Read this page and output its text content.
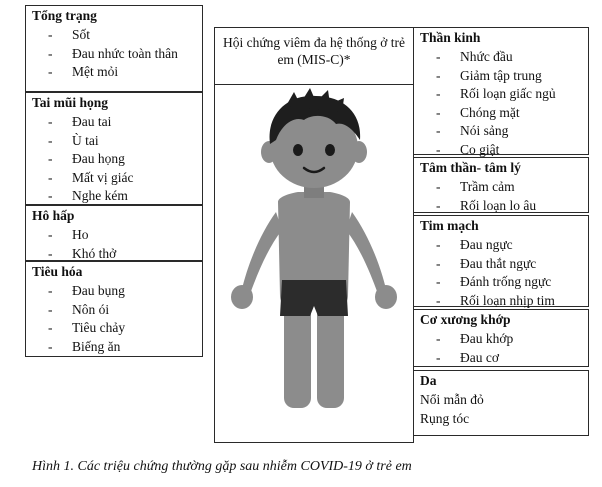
Tổng trạng
- Sốt
- Đau nhức toàn thân
- Mệt mỏi
Tai mũi họng
- Đau tai
- Ù tai
- Đau họng
- Mất vị giác
- Nghe kém
Hô hấp
- Ho
- Khó thở
Tiêu hóa
- Đau bụng
- Nôn ói
- Tiêu chảy
- Biếng ăn
Hội chứng viêm đa hệ thống ở trẻ em (MIS-C)*
Thần kinh
- Nhức đầu
- Giảm tập trung
- Rối loạn giấc ngủ
- Chóng mặt
- Nói sảng
- Co giật
Tâm thần- tâm lý
- Trầm cảm
- Rối loạn lo âu
Tim mạch
- Đau ngực
- Đau thắt ngực
- Đánh trống ngực
- Rối loạn nhịp tim
Cơ xương khớp
- Đau khớp
- Đau cơ
Da
Nổi mẫn đỏ
Rụng tóc
Hình 1. Các triệu chứng thường gặp sau nhiễm COVID-19 ở trẻ em
